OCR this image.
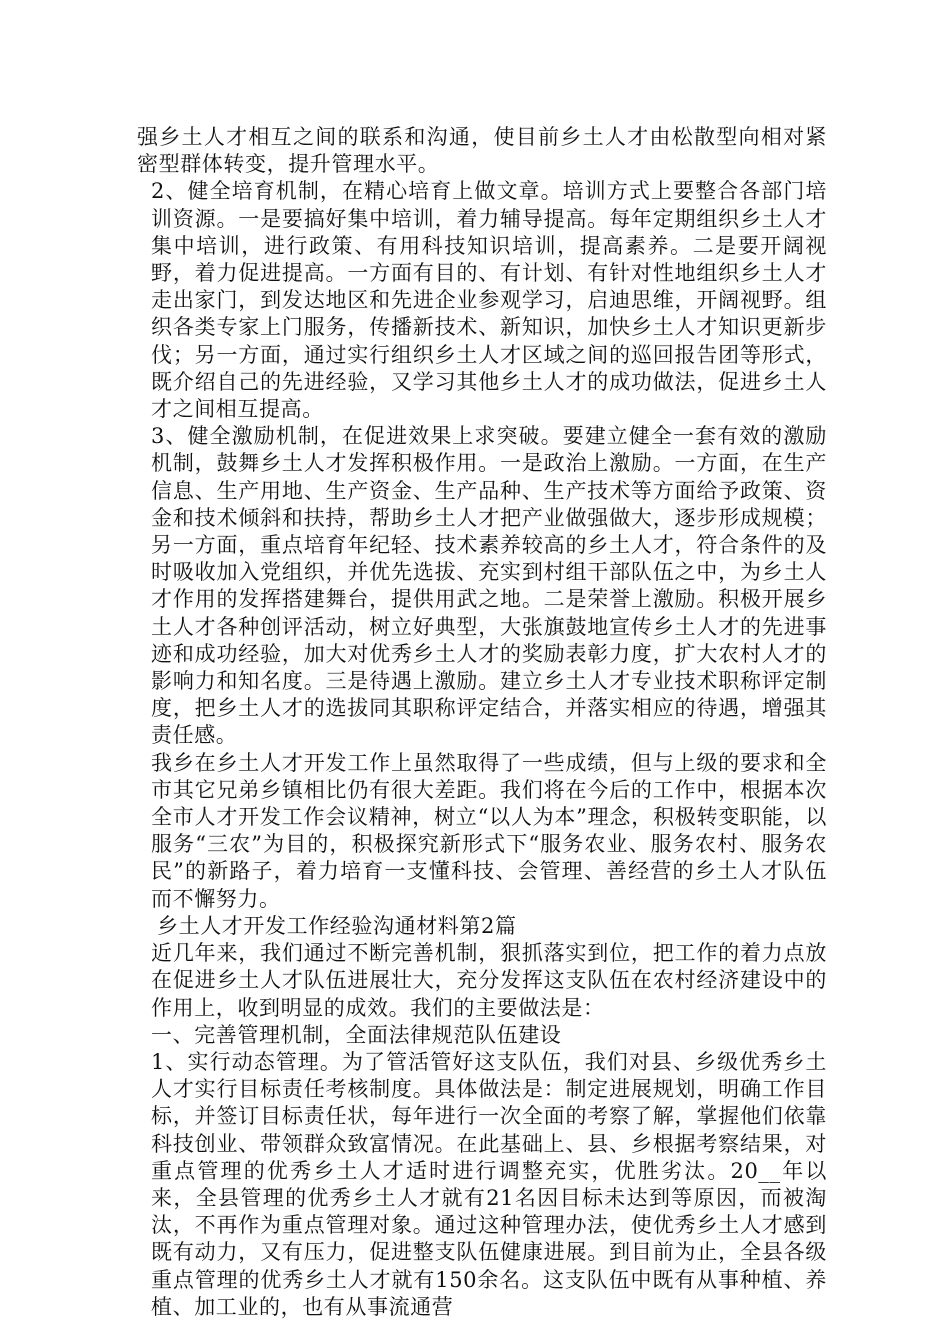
强乡土人才相互之间的联系和沟通，使目前乡土人才由松散型向相对紧密型群体转变，提升管理水平。

2、健全培育机制，在精心培育上做文章。培训方式上要整合各部门培训资源。一是要搞好集中培训，着力辅导提高。每年定期组织乡土人才集中培训，进行政策、有用科技知识培训，提高素养。二是要开阔视野，着力促进提高。一方面有目的、有计划、有针对性地组织乡土人才走出家门，到发达地区和先进企业参观学习，启迪思维，开阔视野。组织各类专家上门服务，传播新技术、新知识，加快乡土人才知识更新步伐；另一方面，通过实行组织乡土人才区域之间的巡回报告团等形式，既介绍自己的先进经验，又学习其他乡土人才的成功做法，促进乡土人才之间相互提高。

3、健全激励机制，在促进效果上求突破。要建立健全一套有效的激励机制，鼓舞乡土人才发挥积极作用。一是政治上激励。一方面，在生产信息、生产用地、生产资金、生产品种、生产技术等方面给予政策、资金和技术倾斜和扶持，帮助乡土人才把产业做强做大，逐步形成规模；另一方面，重点培育年纪轻、技术素养较高的乡土人才，符合条件的及时吸收加入党组织，并优先选拔、充实到村组干部队伍之中，为乡土人才作用的发挥搭建舞台，提供用武之地。二是荣誉上激励。积极开展乡土人才各种创评活动，树立好典型，大张旗鼓地宣传乡土人才的先进事迹和成功经验，加大对优秀乡土人才的奖励表彰力度，扩大农村人才的影响力和知名度。三是待遇上激励。建立乡土人才专业技术职称评定制度，把乡土人才的选拔同其职称评定结合，并落实相应的待遇，增强其责任感。

我乡在乡土人才开发工作上虽然取得了一些成绩，但与上级的要求和全市其它兄弟乡镇相比仍有很大差距。我们将在今后的工作中，根据本次全市人才开发工作会议精神，树立“以人为本”理念，积极转变职能，以服务“三农”为目的，积极探究新形式下“服务农业、服务农村、服务农民”的新路子，着力培育一支懂科技、会管理、善经营的乡土人才队伍而不懈努力。

乡土人才开发工作经验沟通材料第2篇

近几年来，我们通过不断完善机制，狠抓落实到位，把工作的着力点放在促进乡土人才队伍进展壮大，充分发挥这支队伍在农村经济建设中的作用上，收到明显的成效。我们的主要做法是：

一、完善管理机制，全面法律规范队伍建设

1、实行动态管理。为了管活管好这支队伍，我们对县、乡级优秀乡土人才实行目标责任考核制度。具体做法是：制定进展规划，明确工作目标，并签订目标责任状，每年进行一次全面的考察了解，掌握他们依靠科技创业、带领群众致富情况。在此基础上、县、乡根据考察结果，对重点管理的优秀乡土人才适时进行调整充实，优胜劣汰。20__年以来，全县管理的优秀乡土人才就有21名因目标未达到等原因，而被淘汰，不再作为重点管理对象。通过这种管理办法，使优秀乡土人才感到既有动力，又有压力，促进整支队伍健康进展。到目前为止，全县各级重点管理的优秀乡土人才就有150余名。这支队伍中既有从事种植、养植、加工业的，也有从事流通营
